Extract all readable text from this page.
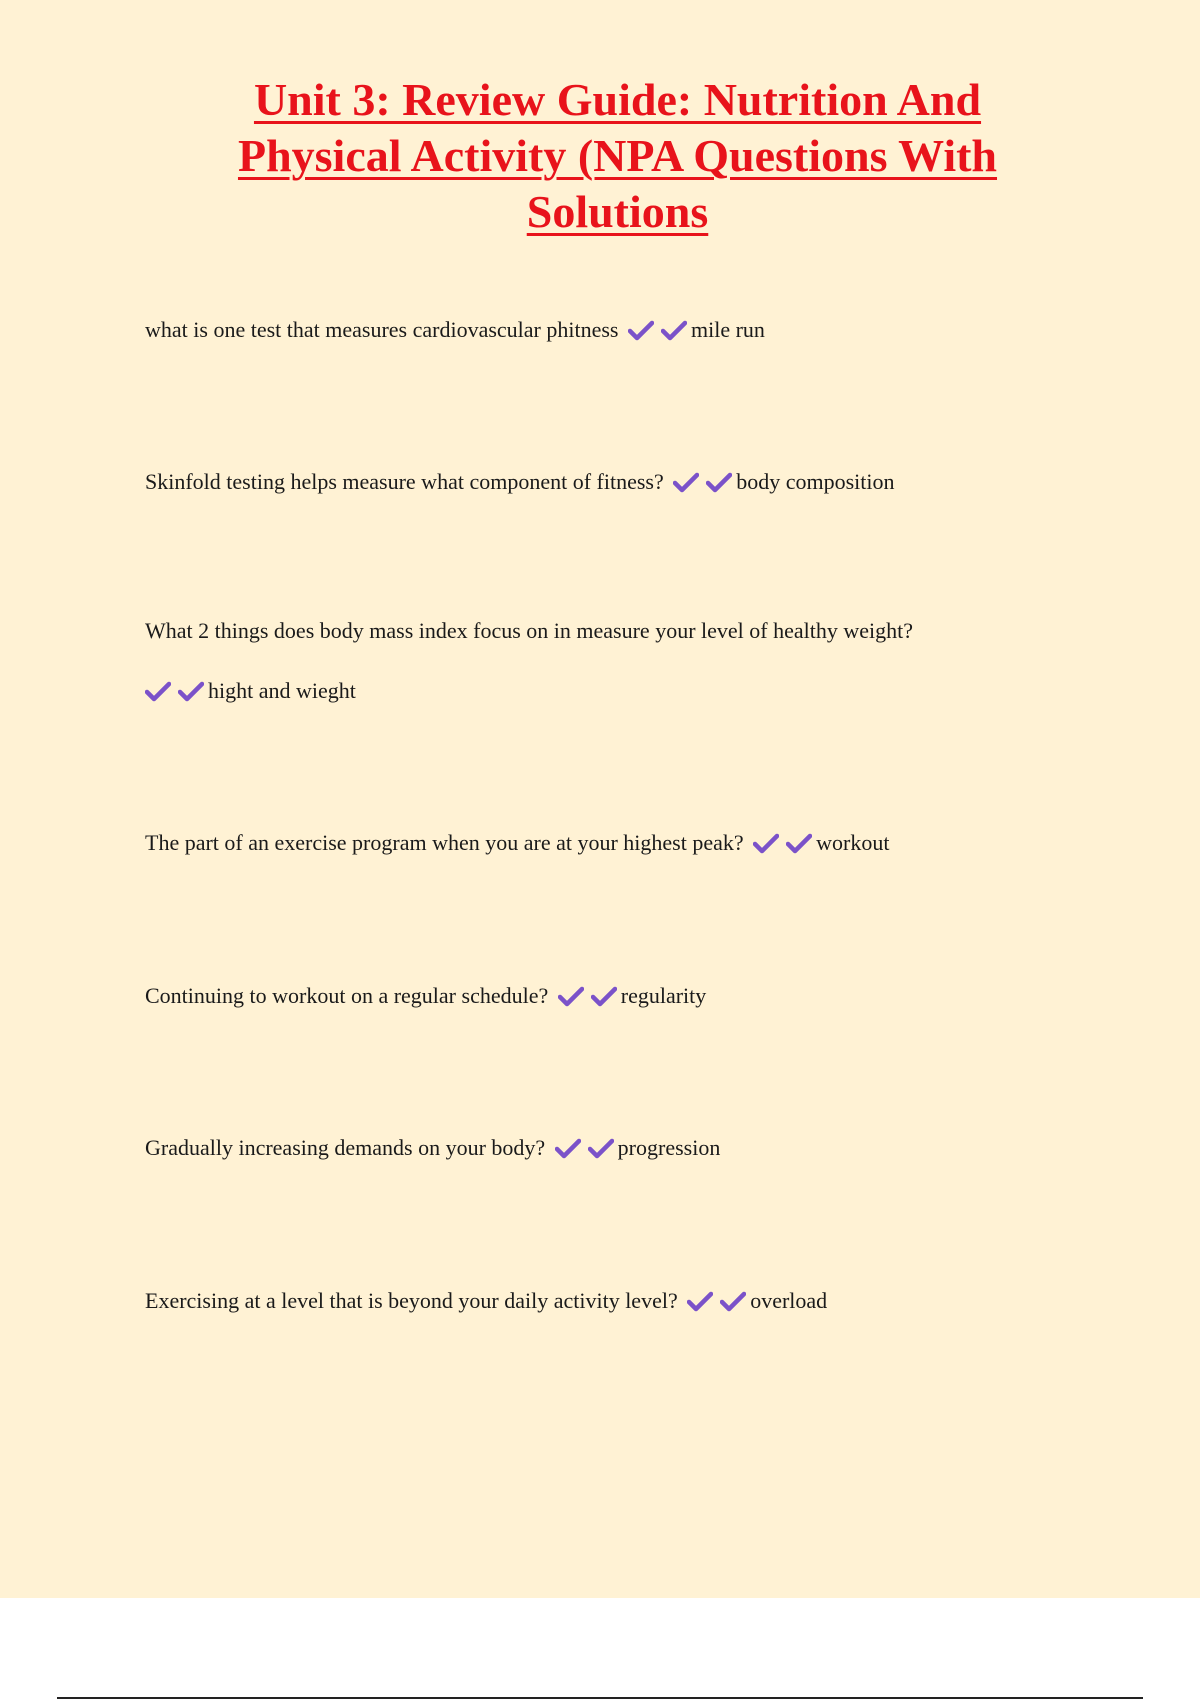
Unit 3: Review Guide: Nutrition And Physical Activity (NPA Questions With Solutions

what is one test that measures cardiovascular phitness	mile run

Skinfold testing helps measure what component of fitness?	body composition

What 2 things does body mass index focus on in measure your level of healthy weight?
hight and wieght

The part of an exercise program when you are at your highest peak?	workout

Continuing to workout on a regular schedule?	regularity

Gradually increasing demands on your body?	progression

Exercising at a level that is beyond your daily activity level?	overload
